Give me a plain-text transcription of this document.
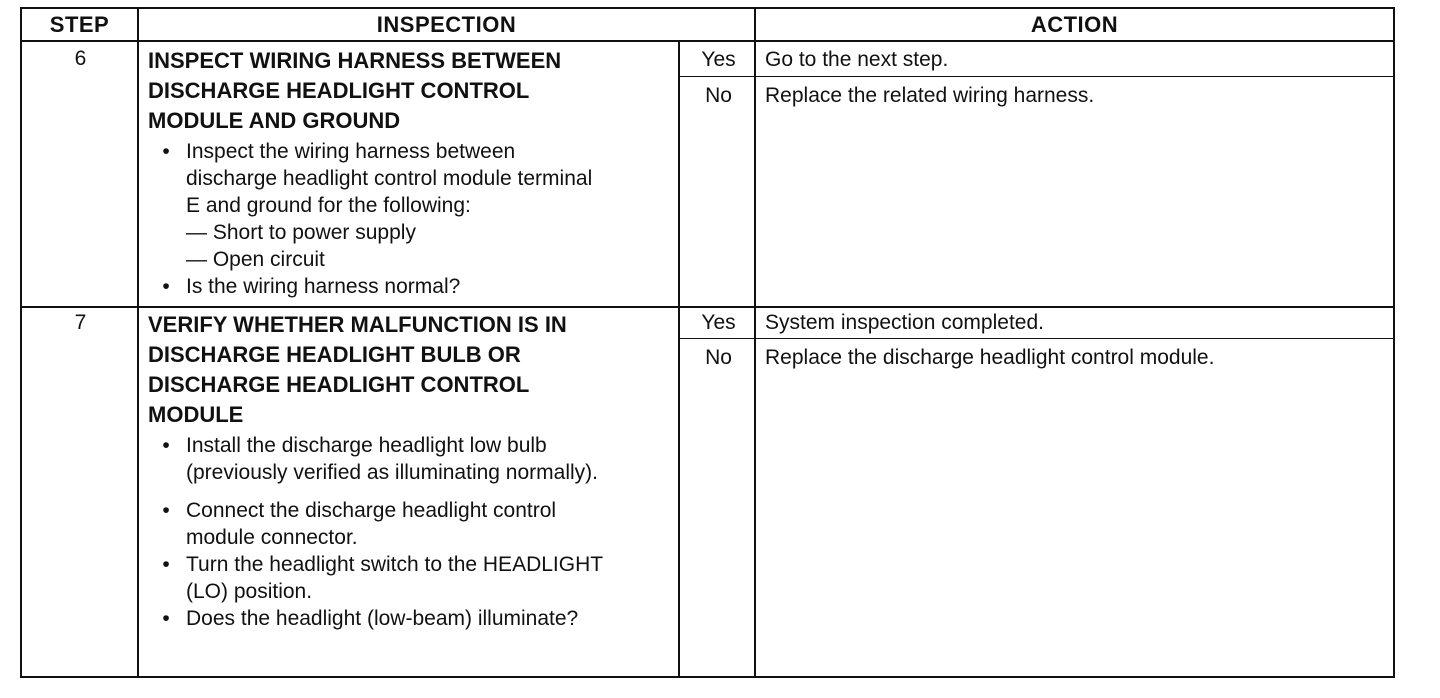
STEP	INSPECTION	ACTION
6	INSPECT WIRING HARNESS BETWEEN
DISCHARGE HEADLIGHT CONTROL
MODULE AND GROUND
• Inspect the wiring harness between
discharge headlight control module terminal
E and ground for the following:
— Short to power supply
— Open circuit
• Is the wiring harness normal?
Yes	Go to the next step.
No	Replace the related wiring harness.
7	VERIFY WHETHER MALFUNCTION IS IN
DISCHARGE HEADLIGHT BULB OR
DISCHARGE HEADLIGHT CONTROL
MODULE
• Install the discharge headlight low bulb
(previously verified as illuminating normally).
• Connect the discharge headlight control
module connector.
• Turn the headlight switch to the HEADLIGHT
(LO) position.
• Does the headlight (low-beam) illuminate?
Yes	System inspection completed.
No	Replace the discharge headlight control module.
